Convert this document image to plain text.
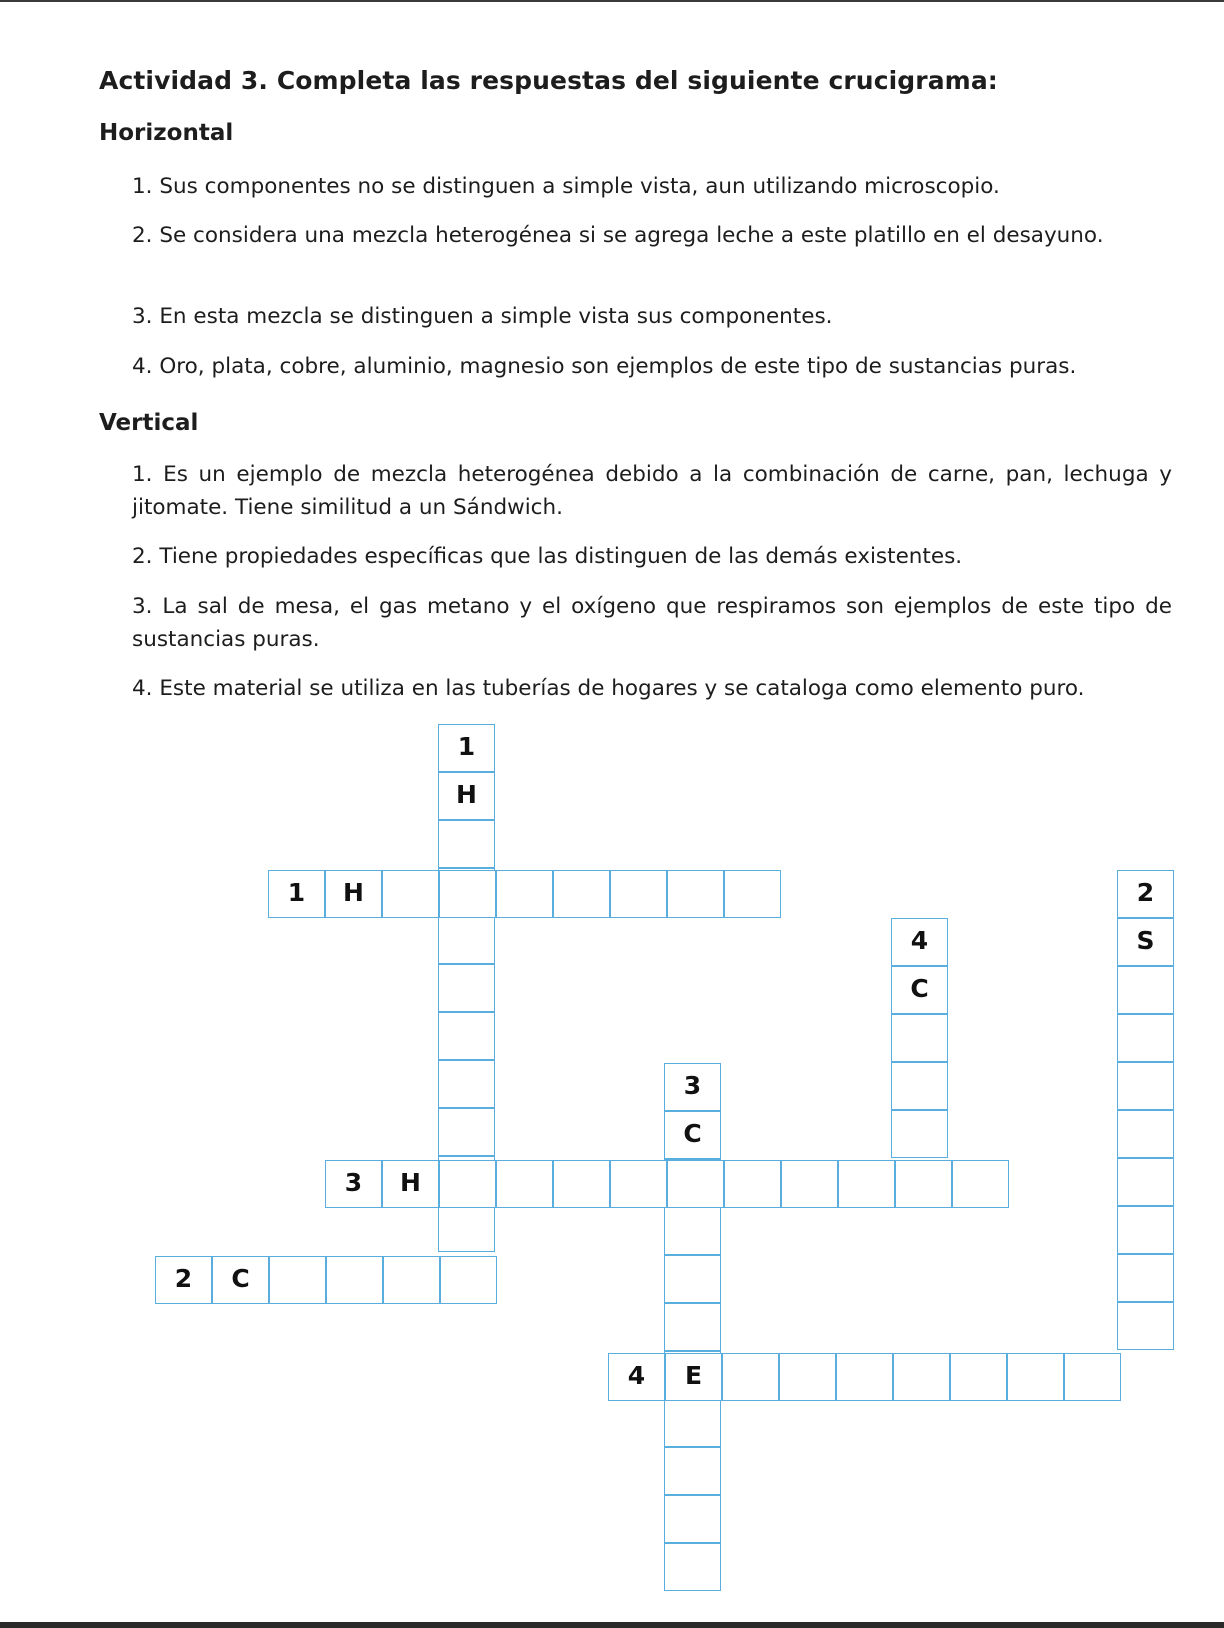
Actividad 3. Completa las respuestas del siguiente crucigrama:
Horizontal
1. Sus componentes no se distinguen a simple vista, aun utilizando microscopio.
2. Se considera una mezcla heterogénea si se agrega leche a este platillo en el desayuno.
3. En esta mezcla se distinguen a simple vista sus componentes.
4. Oro, plata, cobre, aluminio, magnesio son ejemplos de este tipo de sustancias puras.
Vertical
1. Es un ejemplo de mezcla heterogénea debido a la combinación de carne, pan, lechuga y jitomate. Tiene similitud a un Sándwich.
2. Tiene propiedades específicas que las distinguen de las demás existentes.
3. La sal de mesa, el gas metano y el oxígeno que respiramos son ejemplos de este tipo de sustancias puras.
4. Este material se utiliza en las tuberías de hogares y se cataloga como elemento puro.
1
H
2
S
3
C
4
C
1	H
2	C
3	H
4	E
